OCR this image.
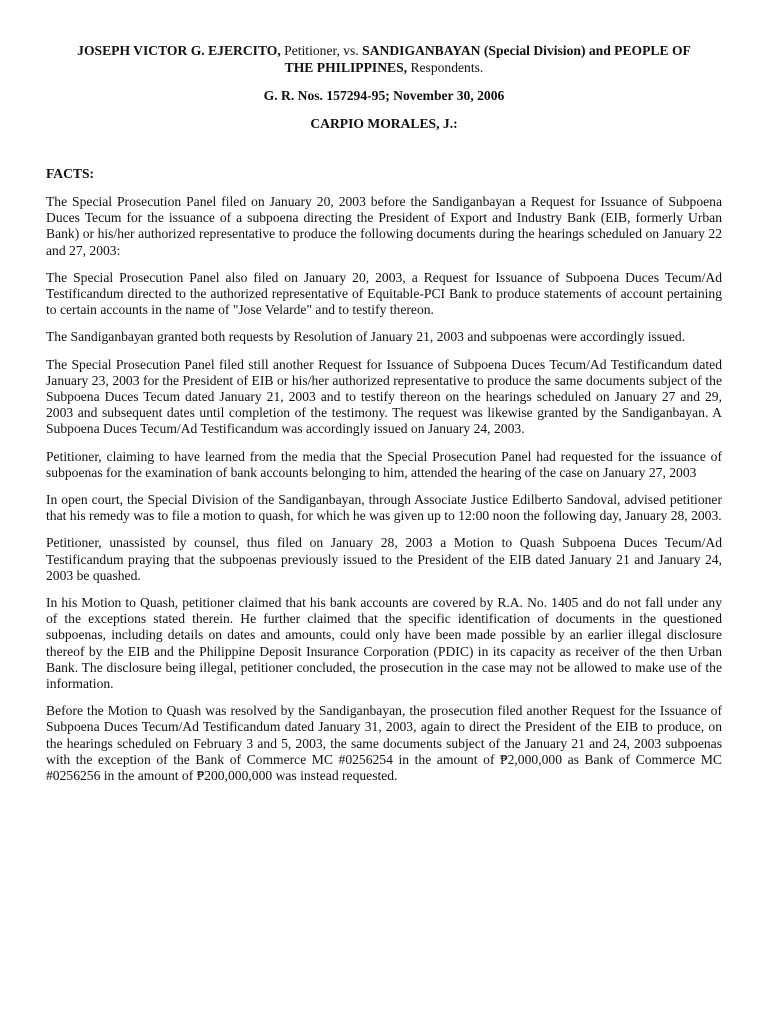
JOSEPH VICTOR G. EJERCITO, Petitioner, vs. SANDIGANBAYAN (Special Division) and PEOPLE OF THE PHILIPPINES, Respondents.
G. R. Nos. 157294-95; November 30, 2006
CARPIO MORALES, J.:
FACTS:

The Special Prosecution Panel filed on January 20, 2003 before the Sandiganbayan a Request for Issuance of Subpoena Duces Tecum for the issuance of a subpoena directing the President of Export and Industry Bank (EIB, formerly Urban Bank) or his/her authorized representative to produce the following documents during the hearings scheduled on January 22 and 27, 2003:

The Special Prosecution Panel also filed on January 20, 2003, a Request for Issuance of Subpoena Duces Tecum/Ad Testificandum directed to the authorized representative of Equitable-PCI Bank to produce statements of account pertaining to certain accounts in the name of "Jose Velarde" and to testify thereon.

The Sandiganbayan granted both requests by Resolution of January 21, 2003 and subpoenas were accordingly issued.

The Special Prosecution Panel filed still another Request for Issuance of Subpoena Duces Tecum/Ad Testificandum dated January 23, 2003 for the President of EIB or his/her authorized representative to produce the same documents subject of the Subpoena Duces Tecum dated January 21, 2003 and to testify thereon on the hearings scheduled on January 27 and 29, 2003 and subsequent dates until completion of the testimony. The request was likewise granted by the Sandiganbayan. A Subpoena Duces Tecum/Ad Testificandum was accordingly issued on January 24, 2003.

Petitioner, claiming to have learned from the media that the Special Prosecution Panel had requested for the issuance of subpoenas for the examination of bank accounts belonging to him, attended the hearing of the case on January 27, 2003

In open court, the Special Division of the Sandiganbayan, through Associate Justice Edilberto Sandoval, advised petitioner that his remedy was to file a motion to quash, for which he was given up to 12:00 noon the following day, January 28, 2003.

Petitioner, unassisted by counsel, thus filed on January 28, 2003 a Motion to Quash Subpoena Duces Tecum/Ad Testificandum praying that the subpoenas previously issued to the President of the EIB dated January 21 and January 24, 2003 be quashed.

In his Motion to Quash, petitioner claimed that his bank accounts are covered by R.A. No. 1405 and do not fall under any of the exceptions stated therein. He further claimed that the specific identification of documents in the questioned subpoenas, including details on dates and amounts, could only have been made possible by an earlier illegal disclosure thereof by the EIB and the Philippine Deposit Insurance Corporation (PDIC) in its capacity as receiver of the then Urban Bank. The disclosure being illegal, petitioner concluded, the prosecution in the case may not be allowed to make use of the information.

Before the Motion to Quash was resolved by the Sandiganbayan, the prosecution filed another Request for the Issuance of Subpoena Duces Tecum/Ad Testificandum dated January 31, 2003, again to direct the President of the EIB to produce, on the hearings scheduled on February 3 and 5, 2003, the same documents subject of the January 21 and 24, 2003 subpoenas with the exception of the Bank of Commerce MC #0256254 in the amount of ₱2,000,000 as Bank of Commerce MC #0256256 in the amount of ₱200,000,000 was instead requested.
